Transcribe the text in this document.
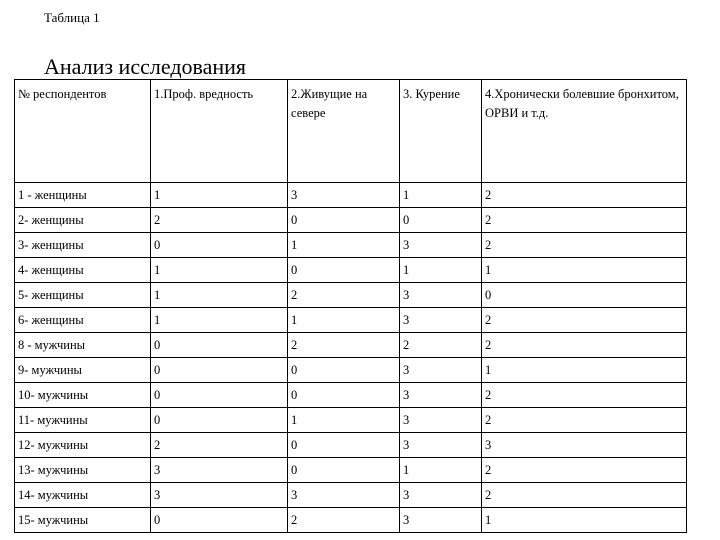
Таблица 1
Анализ исследования
№ респондентов	1.Проф. вредность	2.Живущие на севере	3. Курение	4.Хронически болевшие бронхитом, ОРВИ и т.д.
1 - женщины	1	3	1	2
2- женщины	2	0	0	2
3- женщины	0	1	3	2
4- женщины	1	0	1	1
5- женщины	1	2	3	0
6- женщины	1	1	3	2
8 - мужчины	0	2	2	2
9- мужчины	0	0	3	1
10- мужчины	0	0	3	2
11- мужчины	0	1	3	2
12- мужчины	2	0	3	3
13- мужчины	3	0	1	2
14- мужчины	3	3	3	2
15- мужчины	0	2	3	1
